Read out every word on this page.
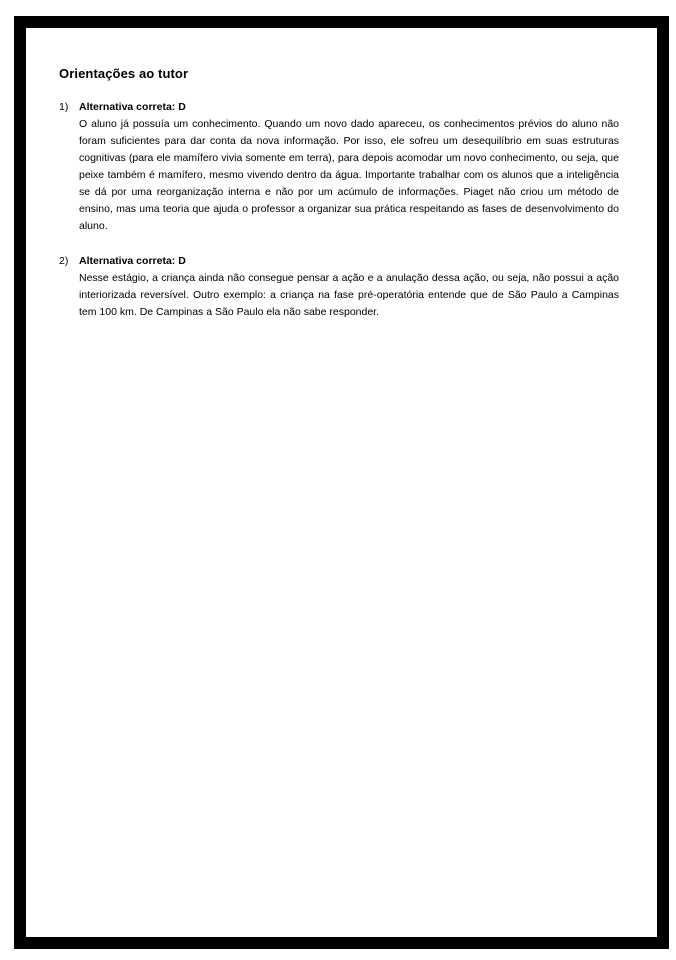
Orientações ao tutor
1) Alternativa correta: D

O aluno já possuía um conhecimento. Quando um novo dado apareceu, os conhecimentos prévios do aluno não foram suficientes para dar conta da nova informação. Por isso, ele sofreu um desequilíbrio em suas estruturas cognitivas (para ele mamífero vivia somente em terra), para depois acomodar um novo conhecimento, ou seja, que peixe também é mamífero, mesmo vivendo dentro da água. Importante trabalhar com os alunos que a inteligência se dá por uma reorganização interna e não por um acúmulo de informações. Piaget não criou um método de ensino, mas uma teoria que ajuda o professor a organizar sua prática respeitando as fases de desenvolvimento do aluno.

2) Alternativa correta: D

Nesse estágio, a criança ainda não consegue pensar a ação e a anulação dessa ação, ou seja, não possui a ação interiorizada reversível. Outro exemplo: a criança na fase pré-operatória entende que de São Paulo a Campinas tem 100 km. De Campinas a São Paulo ela não sabe responder.
